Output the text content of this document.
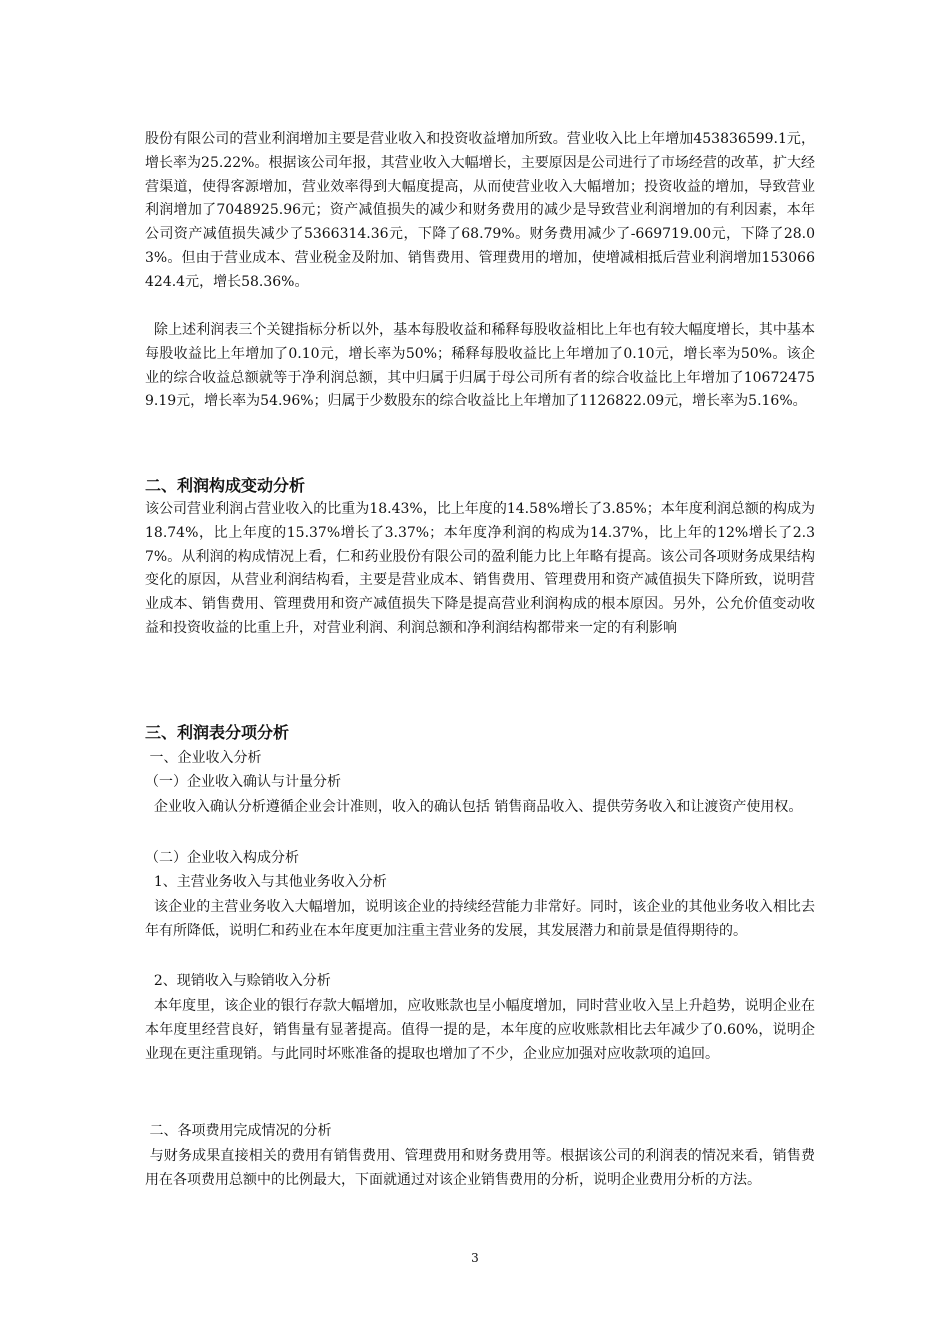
股份有限公司的营业利润增加主要是营业收入和投资收益增加所致。营业收入比上年增加453836599.1元，增长率为25.22%。根据该公司年报，其营业收入大幅增长，主要原因是公司进行了市场经营的改革，扩大经营渠道，使得客源增加，营业效率得到大幅度提高，从而使营业收入大幅增加；投资收益的增加，导致营业利润增加了7048925.96元；资产减值损失的减少和财务费用的减少是导致营业利润增加的有利因素，本年公司资产减值损失减少了5366314.36元，下降了68.79%。财务费用减少了-669719.00元，下降了28.03%。但由于营业成本、营业税金及附加、销售费用、管理费用的增加，使增减相抵后营业利润增加153066424.4元，增长58.36%。
除上述利润表三个关键指标分析以外，基本每股收益和稀释每股收益相比上年也有较大幅度增长，其中基本每股收益比上年增加了0.10元，增长率为50%；稀释每股收益比上年增加了0.10元，增长率为50%。该企业的综合收益总额就等于净利润总额，其中归属于归属于母公司所有者的综合收益比上年增加了106724759.19元，增长率为54.96%；归属于少数股东的综合收益比上年增加了1126822.09元，增长率为5.16%。
二、利润构成变动分析
该公司营业利润占营业收入的比重为18.43%，比上年度的14.58%增长了3.85%；本年度利润总额的构成为18.74%，比上年度的15.37%增长了3.37%；本年度净利润的构成为14.37%，比上年的12%增长了2.37%。从利润的构成情况上看，仁和药业股份有限公司的盈利能力比上年略有提高。该公司各项财务成果结构变化的原因，从营业利润结构看，主要是营业成本、销售费用、管理费用和资产减值损失下降所致，说明营业成本、销售费用、管理费用和资产减值损失下降是提高营业利润构成的根本原因。另外，公允价值变动收益和投资收益的比重上升，对营业利润、利润总额和净利润结构都带来一定的有利影响
三、利润表分项分析
一、企业收入分析
（一）企业收入确认与计量分析
企业收入确认分析遵循企业会计准则，收入的确认包括 销售商品收入、提供劳务收入和让渡资产使用权。
（二）企业收入构成分析
1、主营业务收入与其他业务收入分析
该企业的主营业务收入大幅增加，说明该企业的持续经营能力非常好。同时，该企业的其他业务收入相比去年有所降低，说明仁和药业在本年度更加注重主营业务的发展，其发展潜力和前景是值得期待的。
2、现销收入与赊销收入分析
本年度里，该企业的银行存款大幅增加，应收账款也呈小幅度增加，同时营业收入呈上升趋势，说明企业在本年度里经营良好，销售量有显著提高。值得一提的是，本年度的应收账款相比去年减少了0.60%，说明企业现在更注重现销。与此同时坏账准备的提取也增加了不少，企业应加强对应收款项的追回。
二、各项费用完成情况的分析
与财务成果直接相关的费用有销售费用、管理费用和财务费用等。根据该公司的利润表的情况来看，销售费用在各项费用总额中的比例最大，下面就通过对该企业销售费用的分析，说明企业费用分析的方法。
3
